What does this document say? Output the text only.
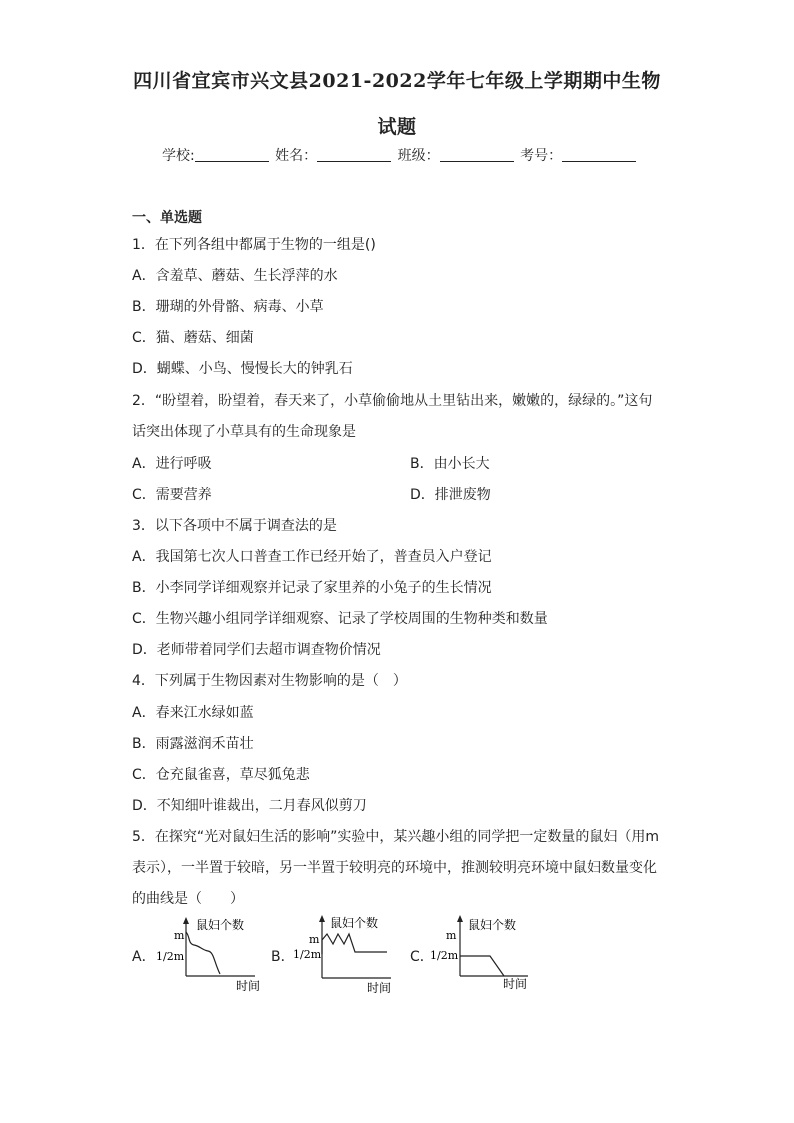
四川省宜宾市兴文县2021-2022学年七年级上学期期中生物
试题
学校:	姓名：	班级：	考号：
一、单选题
1．在下列各组中都属于生物的一组是()
A．含羞草、蘑菇、生长浮萍的水
B．珊瑚的外骨骼、病毒、小草
C．猫、蘑菇、细菌
D．蝴蝶、小鸟、慢慢长大的钟乳石
2．“盼望着，盼望着，春天来了，小草偷偷地从土里钻出来，嫩嫩的，绿绿的。”这句
话突出体现了小草具有的生命现象是
A．进行呼吸	B．由小长大
C．需要营养	D．排泄废物
3．以下各项中不属于调查法的是
A．我国第七次人口普查工作已经开始了，普查员入户登记
B．小李同学详细观察并记录了家里养的小兔子的生长情况
C．生物兴趣小组同学详细观察、记录了学校周围的生物种类和数量
D．老师带着同学们去超市调查物价情况
4．下列属于生物因素对生物影响的是（　）
A．春来江水绿如蓝
B．雨露滋润禾苗壮
C．仓充鼠雀喜，草尽狐兔悲
D．不知细叶谁裁出，二月春风似剪刀
5．在探究“光对鼠妇生活的影响”实验中，某兴趣小组的同学把一定数量的鼠妇（用m
表示），一半置于较暗，另一半置于较明亮的环境中，推测较明亮环境中鼠妇数量变化
的曲线是（　　）
A．
鼠妇个数
m
1/2m
时间
B．
鼠妇个数
m
1/2m
时间
C．
鼠妇个数
m
1/2m
时间
